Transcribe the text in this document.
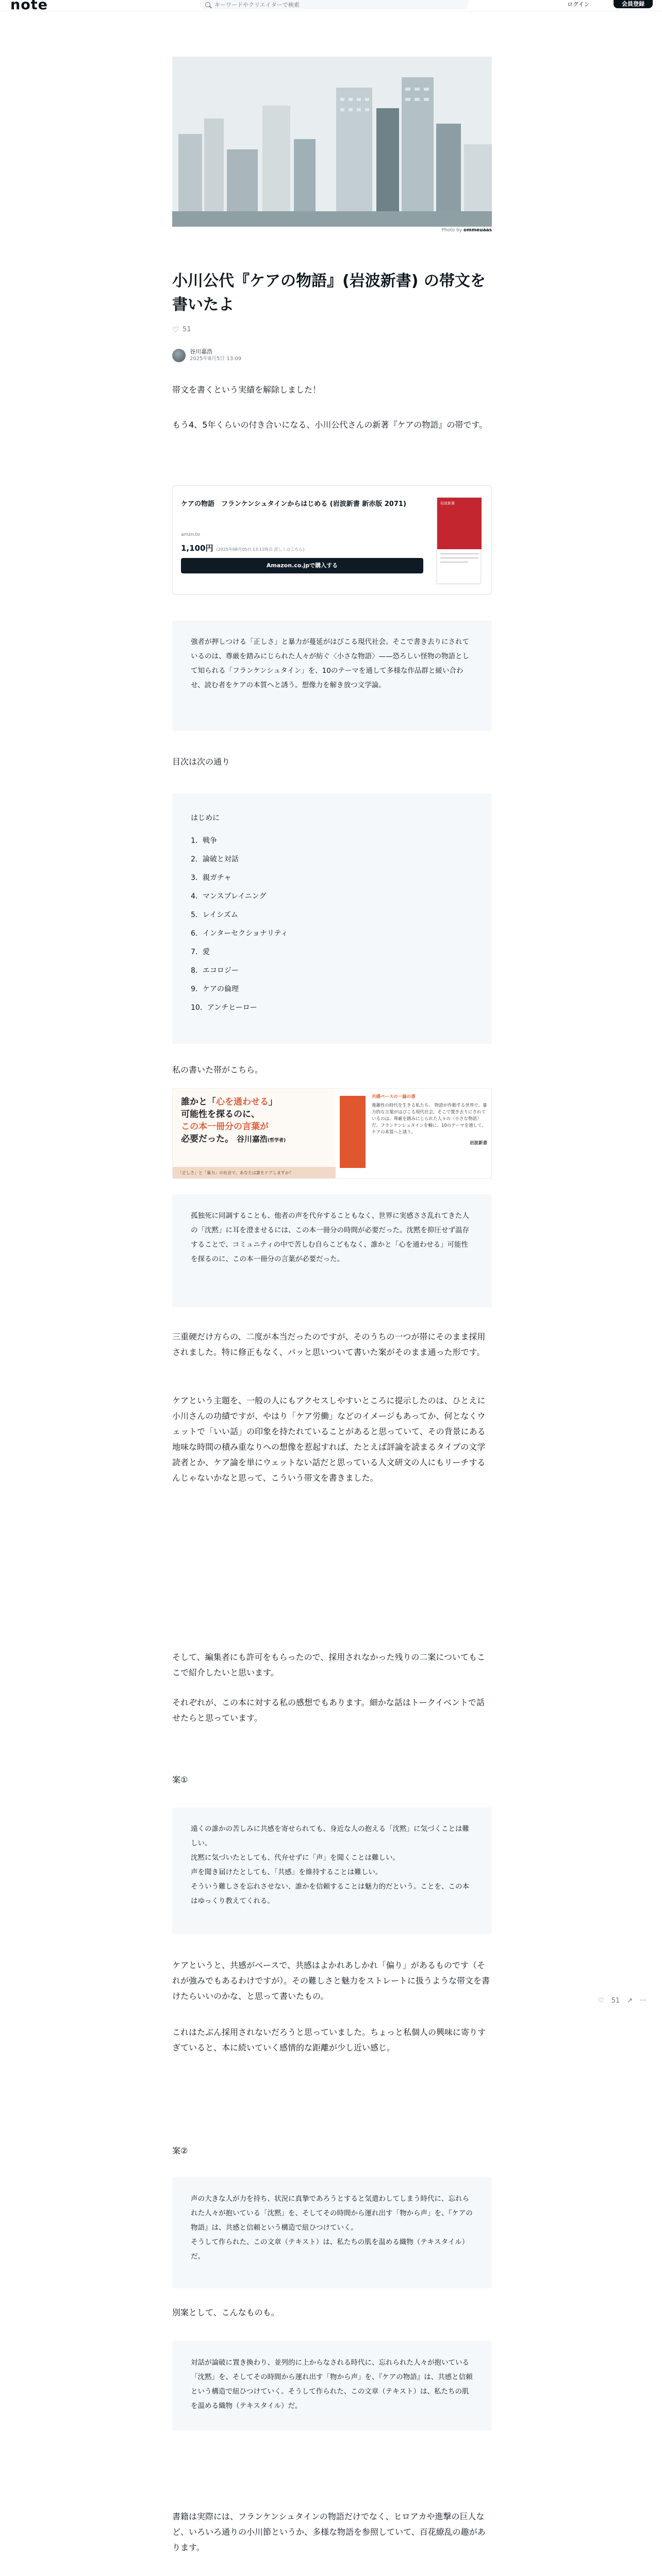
note
キーワードやクリエイターで検索	ログイン	会員登録
Photo by ommeuaas
小川公代『ケアの物語』(岩波新書) の帯文を書いたよ
♡
51
谷川嘉浩
2025年8月5日 13:09

帯文を書くという実績を解除しました！

もう4、5年くらいの付き合いになる、小川公代さんの新著『ケアの物語』の帯です。

ケアの物語　フランケンシュタインからはじめる (岩波新書 新赤版 2071)
amzn.to
1,100円 (2025年08月05日 13:11時点 詳しくはこちら)
Amazon.co.jpで購入する
岩波新書

強者が押しつける「正しさ」と暴力が蔓延がはびこる現代社会。そこで書き去りにされているのは、尊厳を踏みにじられた人々が紡ぐ〈小さな物語〉——恐ろしい怪物の物語として知られる「フランケンシュタイン」を、10のテーマを通して多様な作品群と緩い合わせ、読む者をケアの本質へと誘う。想像力を解き放つ文学論。

目次は次の通り

はじめに
1．戦争
2．論破と対話
3．親ガチャ
4．マンスプレイニング
5．レイシズム
6．インターセクショナリティ
7．愛
8．エコロジー
9．ケアの倫理
10．アンチヒーロー

私の書いた帯がこちら。

誰かと「心を通わせる」
可能性を探るのに、
この本一冊分の言葉が
必要だった。 谷川嘉浩(哲学者)
「正しさ」と「暴力」の社会で、あなたは誰をケアしますか？
共感ベースの一論の書
複雑性の時代を生きる私たち。 物語が作動する世界で、暴力的な言葉がはびこる現代社会。そこで置き去りにされているのは、尊厳を踏みにじられた人々の〈小さな物語〉だ。フランケンシュタインを軸に、10のテーマを通して、ケアの本質へと誘う。
岩波新書

孤独死に同調することも、他者の声を代弁することもなく、世界に実感ささ乱れてきた人の「沈黙」に耳を澄ませるには、この本一冊分の時間が必要だった。沈黙を抑圧せず温存することで、コミュニティの中で苦しむ自らこどもなく、誰かと「心を通わせる」可能性を探るのに、この本一冊分の言葉が必要だった。

三重硬だけ方らの、二度が本当だったのですが、そのうちの一つが帯にそのまま採用されました。特に修正もなく、パッと思いついて書いた案がそのまま通った形です。

ケアという主題を、一般の人にもアクセスしやすいところに提示したのは、ひとえに小川さんの功績ですが、やはり「ケア労働」などのイメージもあってか、何となくウェットで「いい話」の印象を持たれていることがあると思っていて、その背景にある地味な時間の積み重なりへの想像を惹起すれば、たとえば評論を読まるタイプの文学読者とか、ケア論を単にウェットない話だと思っている人文研文の人にもリーチするんじゃないかなと思って、こういう帯文を書きました。

そして、編集者にも許可をもらったので、採用されなかった残りの二案についてもここで紹介したいと思います。

それぞれが、この本に対する私の感想でもあります。細かな話はトークイベントで話せたらと思っています。

案①

遠くの誰かの苦しみに共感を寄せられても、身近な人の抱える「沈黙」に気づくことは難しい。

沈黙に気づいたとしても、代弁せずに「声」を聞くことは難しい。

声を聞き届けたとしても、「共感」を維持することは難しい。

そういう難しさを忘れさせない、誰かを信頼することは魅力的だという。ことを、この本はゆっくり教えてくれる。

ケアというと、共感がベースで、共感はよかれあしかれ「偏り」があるものです（それが強みでもあるわけですが）。その難しさと魅力をストレートに扱うような帯文を書けたらいいのかな、と思って書いたもの。

これはたぶん採用されないだろうと思っていました。ちょっと私個人の興味に寄りすぎていると、本に続いていく感情的な距離が少し近い感じ。

案②

声の大きな人が力を持ち、状況に真摯であろうとすると気遣わしてしまう時代に、忘れられた人々が抱いている「沈黙」を、そしてその時間から運れ出す「物から声」を、『ケアの物語』は、共感と信頼という構造で紐ひつけていく。

そうして作られた、この文章（テキスト）は、私たちの肌を温める織物（テキスタイル）だ。

別案として、こんなものも。

対話が論破に置き換わり、並列的に上からなされる時代に、忘れられた人々が抱いている「沈黙」を、そしてその時間から運れ出す「物から声」を、『ケアの物語』は、共感と信頼という構造で紐ひつけていく。そうして作られた、この文章（テキスト）は、私たちの肌を温める織物（テキスタイル）だ。

書籍は実際には、フランケンシュタインの物語だけでなく、ヒロアカや進撃の巨人など、いろいろ通りの小川節というか、多様な物語を参照していて、百花繚乱の趣があります。

♡ 51 ↗ ···
